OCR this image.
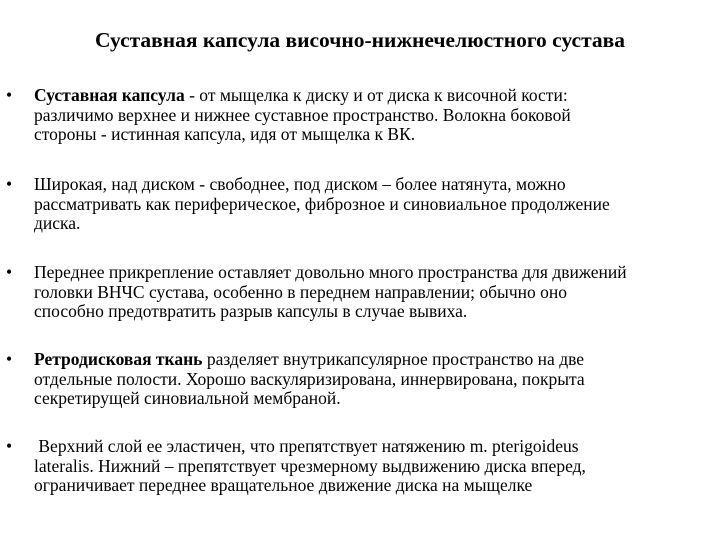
Суставная капсула височно-нижнечелюстного сустава
• Суставная капсула - от мыщелка к диску и от диска к височной кости:
различимо верхнее и нижнее суставное пространство. Волокна боковой
стороны - истинная капсула, идя от мыщелка к ВК.
• Широкая, над диском - свободнее, под диском – более натянута, можно
рассматривать как периферическое, фиброзное и синовиальное продолжение
диска.
• Переднее прикрепление оставляет довольно много пространства для движений
головки ВНЧС сустава, особенно в переднем направлении; обычно оно
способно предотвратить разрыв капсулы в случае вывиха.
• Ретродисковая ткань разделяет внутрикапсулярное пространство на две
отдельные полости. Хорошо васкуляризирована, иннервирована, покрыта
секретирущей синовиальной мембраной.
• Верхний слой ее эластичен, что препятствует натяжению m. pterigoideus
lateralis. Нижний – препятствует чрезмерному выдвижению диска вперед,
ограничивает переднее вращательное движение диска на мыщелке
